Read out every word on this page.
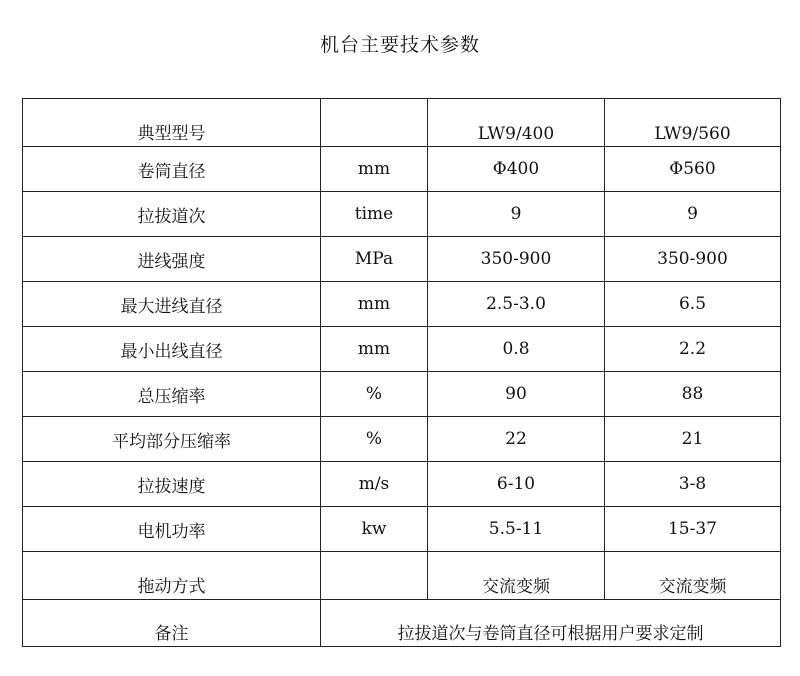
机台主要技术参数
典型型号		LW9/400	LW9/560
卷筒直径	mm	Φ400	Φ560
拉拔道次	time	9	9
进线强度	MPa	350-900	350-900
最大进线直径	mm	2.5-3.0	6.5
最小出线直径	mm	0.8	2.2
总压缩率	%	90	88
平均部分压缩率	%	22	21
拉拔速度	m/s	6-10	3-8
电机功率	kw	5.5-11	15-37
拖动方式		交流变频	交流变频
备注	拉拔道次与卷筒直径可根据用户要求定制		
